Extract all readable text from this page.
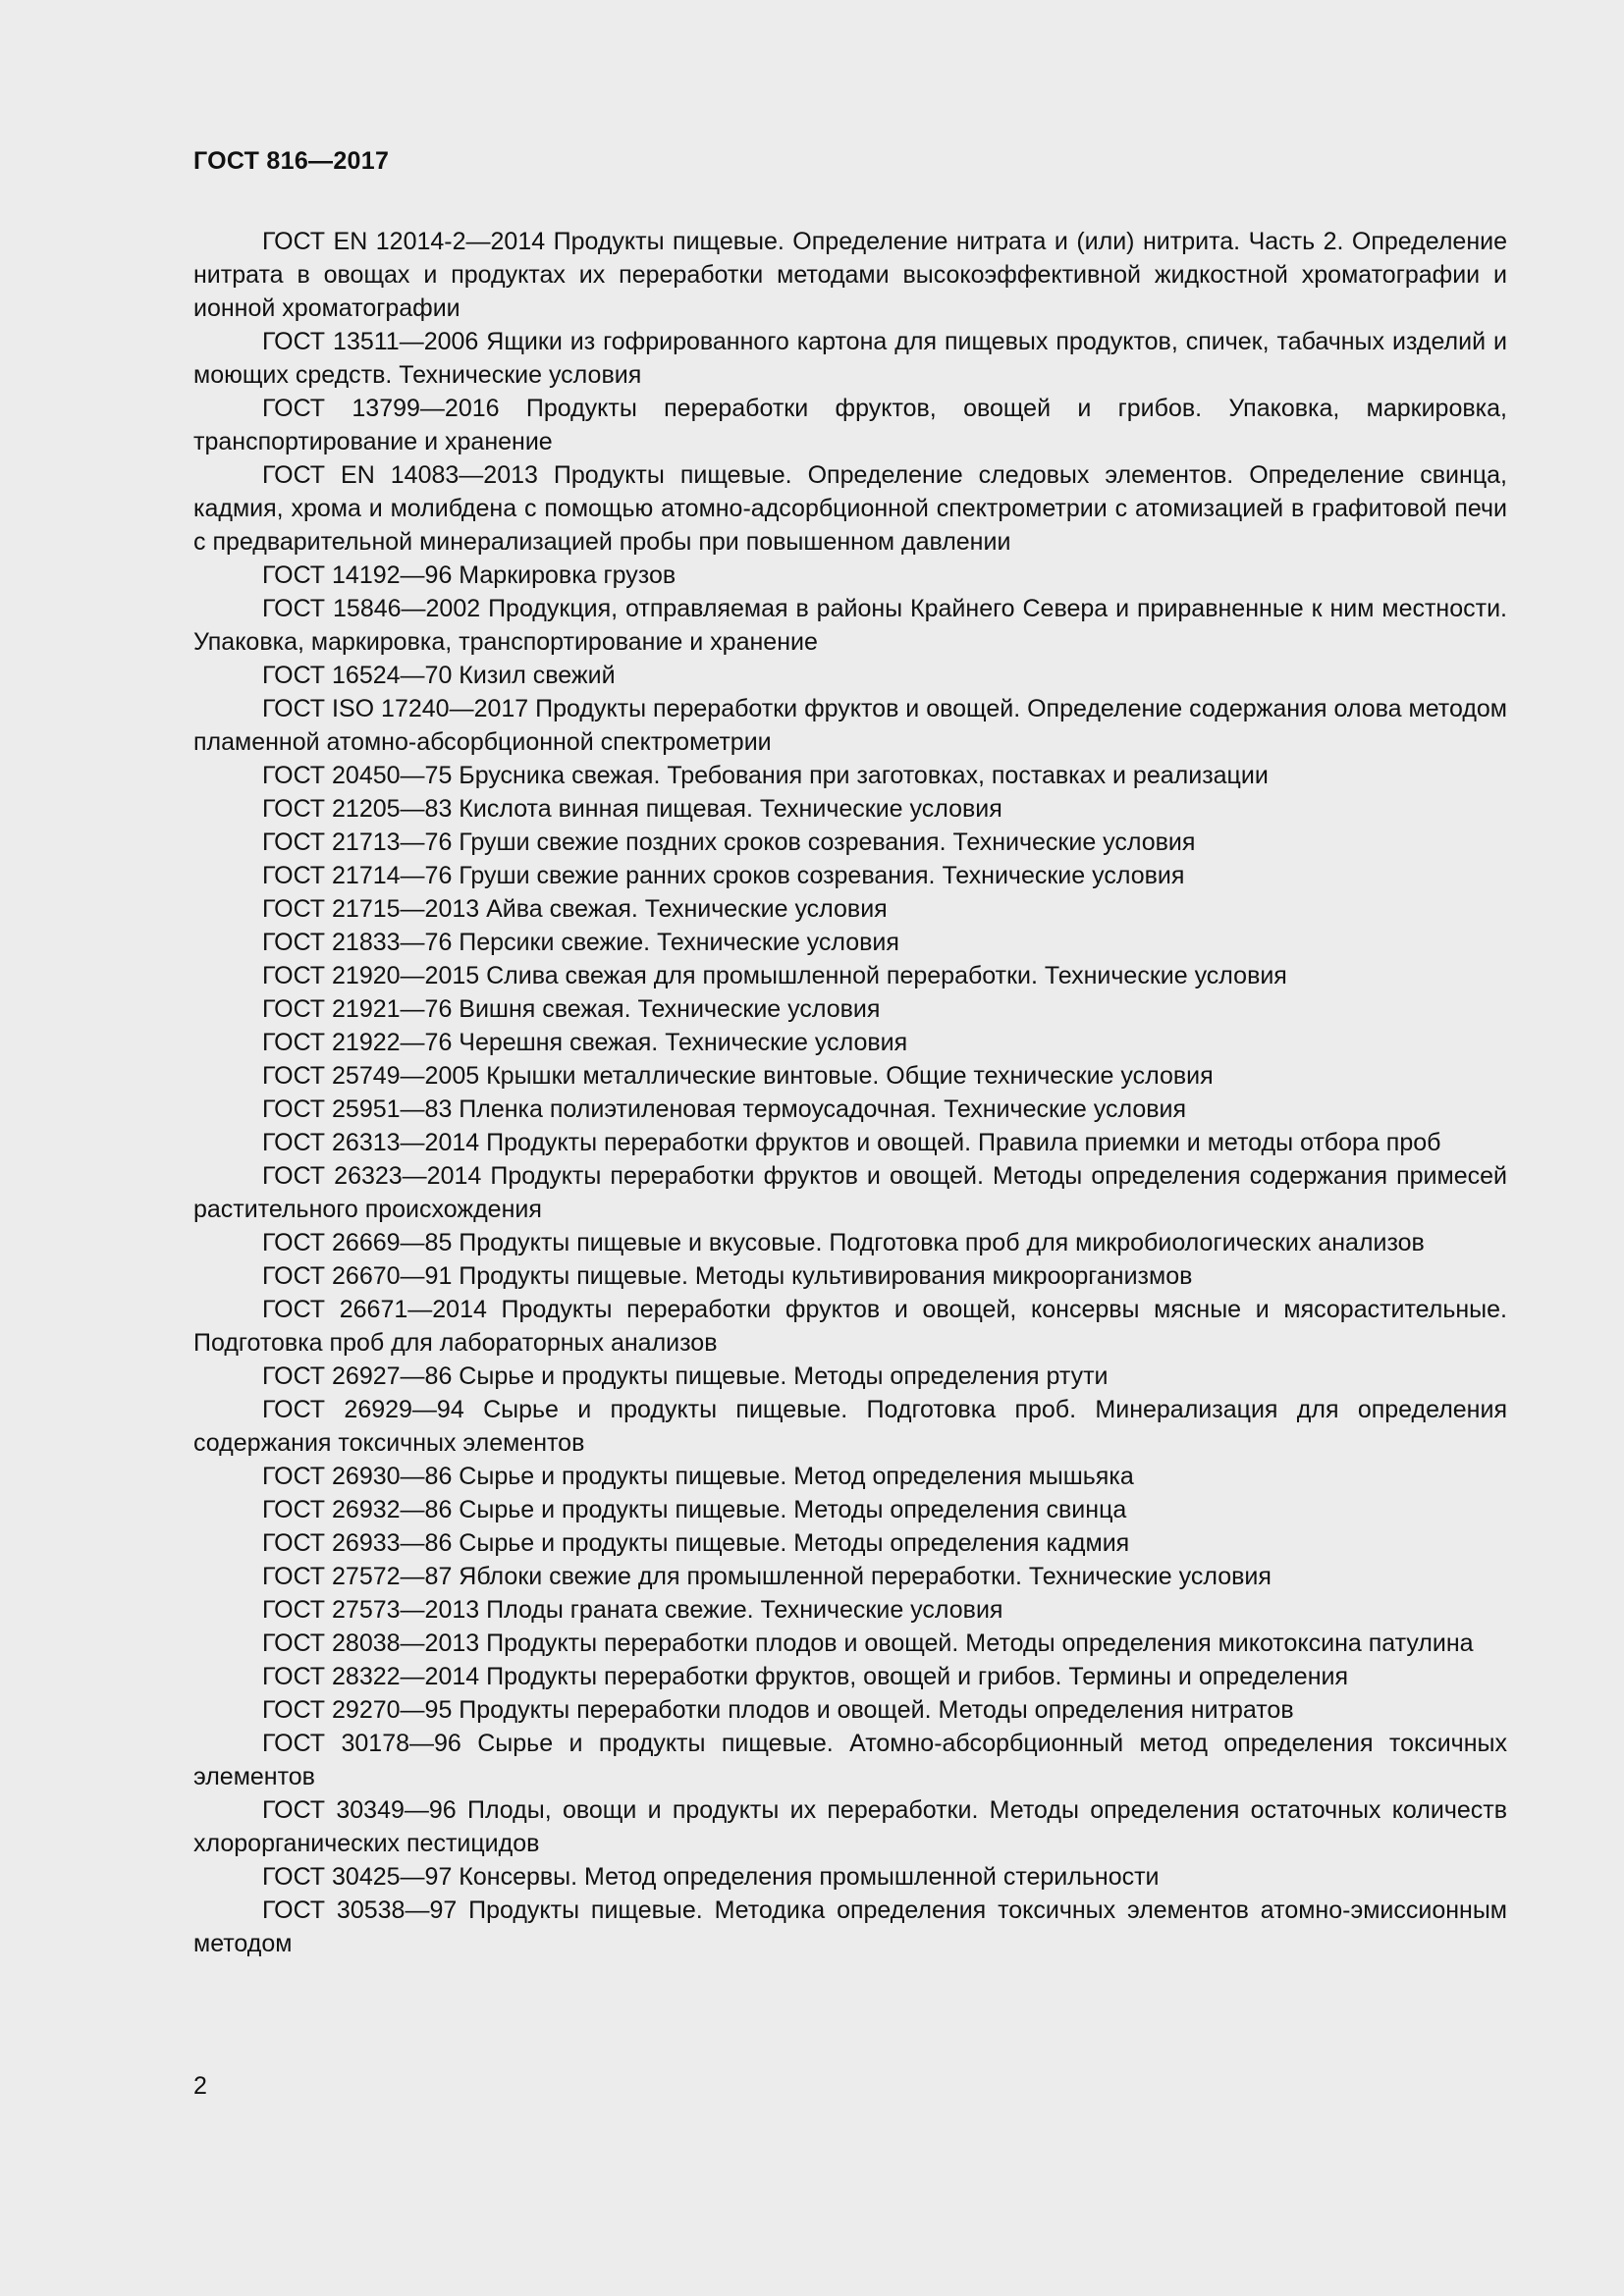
ГОСТ 816—2017

ГОСТ EN 12014-2—2014 Продукты пищевые. Определение нитрата и (или) нитрита. Часть 2. Определение нитрата в овощах и продуктах их переработки методами высокоэффективной жидкостной хроматографии и ионной хроматографии

ГОСТ 13511—2006 Ящики из гофрированного картона для пищевых продуктов, спичек, табачных изделий и моющих средств. Технические условия

ГОСТ 13799—2016 Продукты переработки фруктов, овощей и грибов. Упаковка, маркировка, транспортирование и хранение

ГОСТ EN 14083—2013 Продукты пищевые. Определение следовых элементов. Определение свинца, кадмия, хрома и молибдена с помощью атомно-адсорбционной спектрометрии с атомизацией в графитовой печи с предварительной минерализацией пробы при повышенном давлении

ГОСТ 14192—96 Маркировка грузов

ГОСТ 15846—2002 Продукция, отправляемая в районы Крайнего Севера и приравненные к ним местности. Упаковка, маркировка, транспортирование и хранение

ГОСТ 16524—70 Кизил свежий

ГОСТ ISO 17240—2017 Продукты переработки фруктов и овощей. Определение содержания олова методом пламенной атомно-абсорбционной спектрометрии

ГОСТ 20450—75 Брусника свежая. Требования при заготовках, поставках и реализации

ГОСТ 21205—83 Кислота винная пищевая. Технические условия

ГОСТ 21713—76 Груши свежие поздних сроков созревания. Технические условия

ГОСТ 21714—76 Груши свежие ранних сроков созревания. Технические условия

ГОСТ 21715—2013 Айва свежая. Технические условия

ГОСТ 21833—76 Персики свежие. Технические условия

ГОСТ 21920—2015 Слива свежая для промышленной переработки. Технические условия

ГОСТ 21921—76 Вишня свежая. Технические условия

ГОСТ 21922—76 Черешня свежая. Технические условия

ГОСТ 25749—2005 Крышки металлические винтовые. Общие технические условия

ГОСТ 25951—83 Пленка полиэтиленовая термоусадочная. Технические условия

ГОСТ 26313—2014 Продукты переработки фруктов и овощей. Правила приемки и методы отбора проб

ГОСТ 26323—2014 Продукты переработки фруктов и овощей. Методы определения содержания примесей растительного происхождения

ГОСТ 26669—85 Продукты пищевые и вкусовые. Подготовка проб для микробиологических анализов

ГОСТ 26670—91 Продукты пищевые. Методы культивирования микроорганизмов

ГОСТ 26671—2014 Продукты переработки фруктов и овощей, консервы мясные и мясорастительные. Подготовка проб для лабораторных анализов

ГОСТ 26927—86 Сырье и продукты пищевые. Методы определения ртути

ГОСТ 26929—94 Сырье и продукты пищевые. Подготовка проб. Минерализация для определения содержания токсичных элементов

ГОСТ 26930—86 Сырье и продукты пищевые. Метод определения мышьяка

ГОСТ 26932—86 Сырье и продукты пищевые. Методы определения свинца

ГОСТ 26933—86 Сырье и продукты пищевые. Методы определения кадмия

ГОСТ 27572—87 Яблоки свежие для промышленной переработки. Технические условия

ГОСТ 27573—2013 Плоды граната свежие. Технические условия

ГОСТ 28038—2013 Продукты переработки плодов и овощей. Методы определения микотоксина патулина

ГОСТ 28322—2014 Продукты переработки фруктов, овощей и грибов. Термины и определения

ГОСТ 29270—95 Продукты переработки плодов и овощей. Методы определения нитратов

ГОСТ 30178—96 Сырье и продукты пищевые. Атомно-абсорбционный метод определения токсичных элементов

ГОСТ 30349—96 Плоды, овощи и продукты их переработки. Методы определения остаточных количеств хлорорганических пестицидов

ГОСТ 30425—97 Консервы. Метод определения промышленной стерильности

ГОСТ 30538—97 Продукты пищевые. Методика определения токсичных элементов атомно-эмиссионным методом

2
